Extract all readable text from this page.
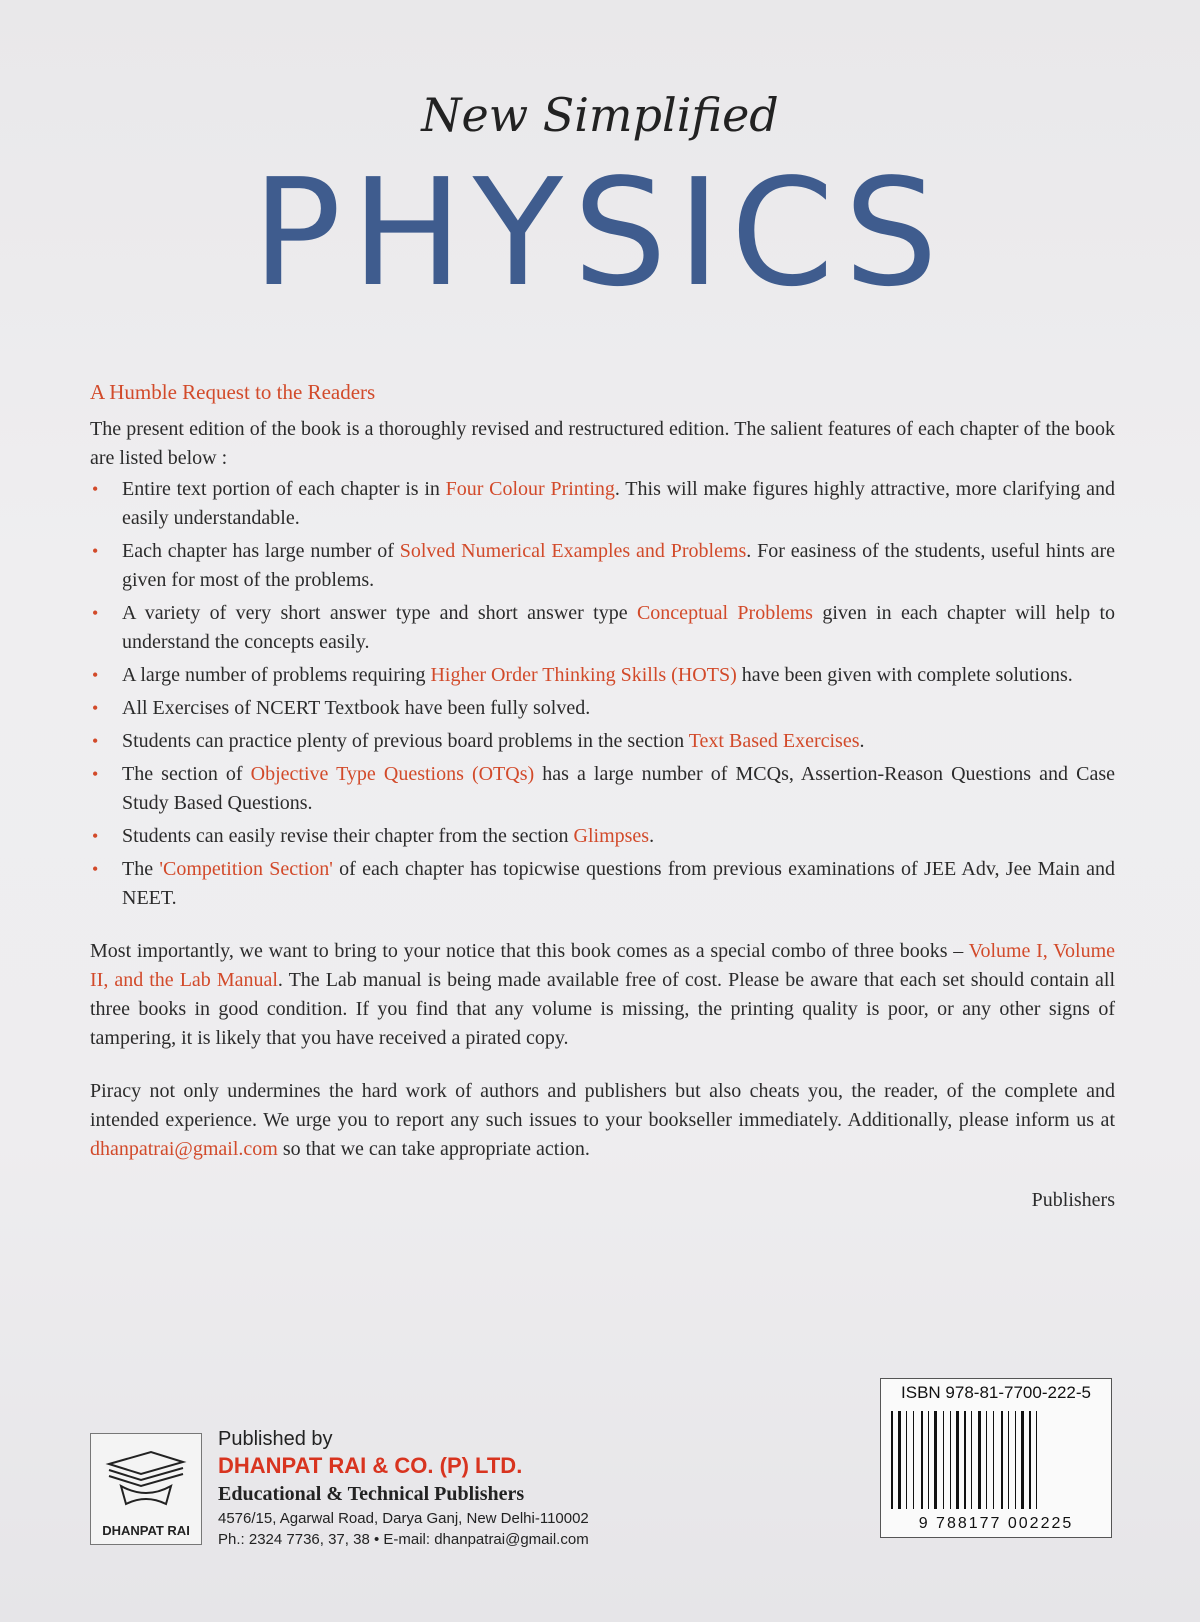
New Simplified
PHYSICS
A Humble Request to the Readers

The present edition of the book is a thoroughly revised and restructured edition. The salient features of each chapter of the book are listed below :

• Entire text portion of each chapter is in Four Colour Printing. This will make figures highly attractive, more clarifying and easily understandable.
• Each chapter has large number of Solved Numerical Examples and Problems. For easiness of the students, useful hints are given for most of the problems.
• A variety of very short answer type and short answer type Conceptual Problems given in each chapter will help to understand the concepts easily.
• A large number of problems requiring Higher Order Thinking Skills (HOTS) have been given with complete solutions.
• All Exercises of NCERT Textbook have been fully solved.
• Students can practice plenty of previous board problems in the section Text Based Exercises.
• The section of Objective Type Questions (OTQs) has a large number of MCQs, Assertion-Reason Questions and Case Study Based Questions.
• Students can easily revise their chapter from the section Glimpses.
• The 'Competition Section' of each chapter has topicwise questions from previous examinations of JEE Adv, Jee Main and NEET.

Most importantly, we want to bring to your notice that this book comes as a special combo of three books – Volume I, Volume II, and the Lab Manual. The Lab manual is being made available free of cost. Please be aware that each set should contain all three books in good condition. If you find that any volume is missing, the printing quality is poor, or any other signs of tampering, it is likely that you have received a pirated copy.

Piracy not only undermines the hard work of authors and publishers but also cheats you, the reader, of the complete and intended experience. We urge you to report any such issues to your bookseller immediately. Additionally, please inform us at dhanpatrai@gmail.com so that we can take appropriate action.

Publishers
ISBN 978-81-7700-222-5
9 788177 002225
DHANPAT RAI
Published by
DHANPAT RAI & CO. (P) LTD.
Educational & Technical Publishers
4576/15, Agarwal Road, Darya Ganj, New Delhi-110002
Ph.: 2324 7736, 37, 38 • E-mail: dhanpatrai@gmail.com
